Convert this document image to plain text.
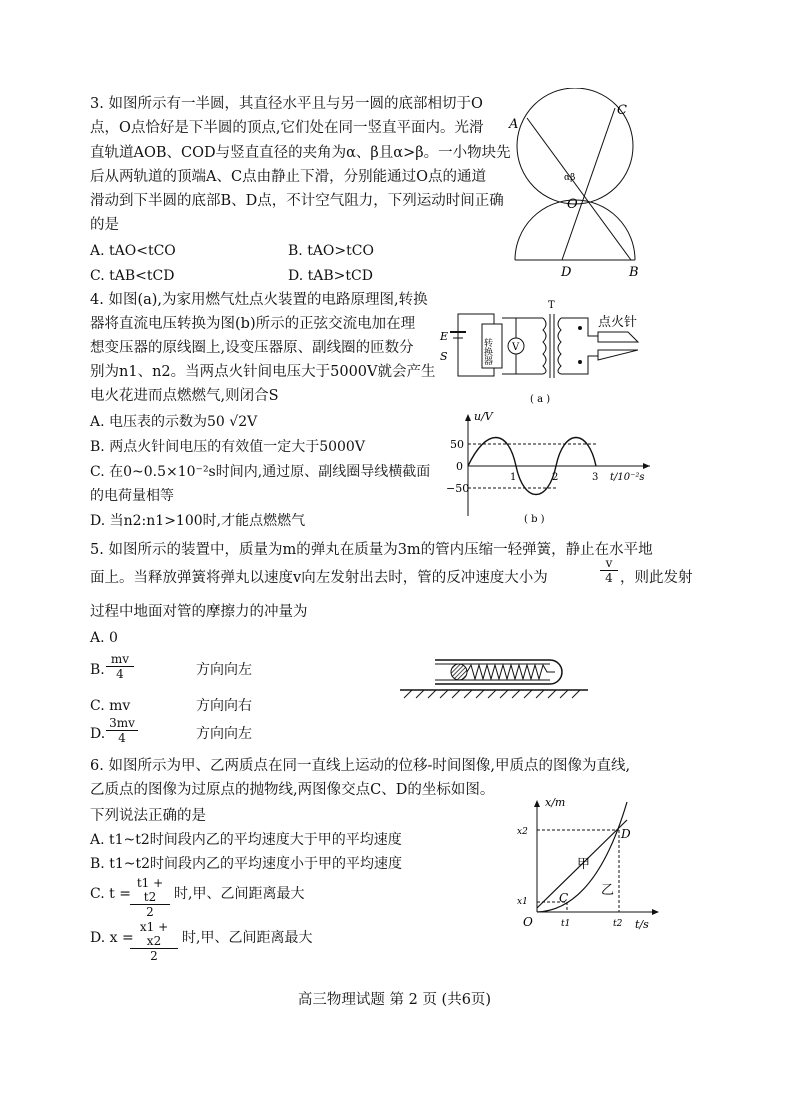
3. 如图所示有一半圆，其直径水平且与另一圆的底部相切于O
点，O点恰好是下半圆的顶点,它们处在同一竖直平面内。光滑
直轨道AOB、COD与竖直直径的夹角为α、β且α>β。一小物块先
后从两轨道的顶端A、C点由静止下滑，分别能通过O点的通道
滑动到下半圆的底部B、D点，不计空气阻力，下列运动时间正确
的是
A. tAO<tCO	B. tAO>tCO
C. tAB<tCD	D. tAB>tCD
A
C
αβ
O
D	B
4. 如图(a),为家用燃气灶点火装置的电路原理图,转换
器将直流电压转换为图(b)所示的正弦交流电加在理
想变压器的原线圈上,设变压器原、副线圈的匝数分
别为n1、n2。当两点火针间电压大于5000V就会产生
电火花进而点燃燃气,则闭合S
A. 电压表的示数为50 √2V
B. 两点火针间电压的有效值一定大于5000V
C. 在0~0.5×10⁻²s时间内,通过原、副线圈导线横截面
的电荷量相等
D. 当n2:n1>100时,才能点燃燃气
E
S	转换器 V
T
点火针
( a )
u/V
50
0
−50
1	2	3 t/10⁻²s
( b )
5. 如图所示的装置中，质量为m的弹丸在质量为3m的管内压缩一轻弹簧，静止在水平地
面上。当释放弹簧将弹丸以速度v向左发射出去时，管的反冲速度大小为	$\frac{v}{4}$ ，则此发射
过程中地面对管的摩擦力的冲量为
A. 0
B. $\frac{mv}{4}$	方向向左
C. mv	方向向右
D. $\frac{3mv}{4}$	方向向左
6. 如图所示为甲、乙两质点在同一直线上运动的位移-时间图像,甲质点的图像为直线,
乙质点的图像为过原点的抛物线,两图像交点C、D的坐标如图。
下列说法正确的是
A. t1~t2时间段内乙的平均速度大于甲的平均速度
B. t1~t2时间段内乙的平均速度小于甲的平均速度
C. $t = \frac{t1 + t2}{2}$ 时,甲、乙间距离最大
D. x =
$\frac{x1 + x2}{2}$ 时,甲、乙间距离最大
x/m
x2
x1
t1	t2
O
C
D
甲
乙
t/s
高三物理试题 第 2 页 (共6页)
